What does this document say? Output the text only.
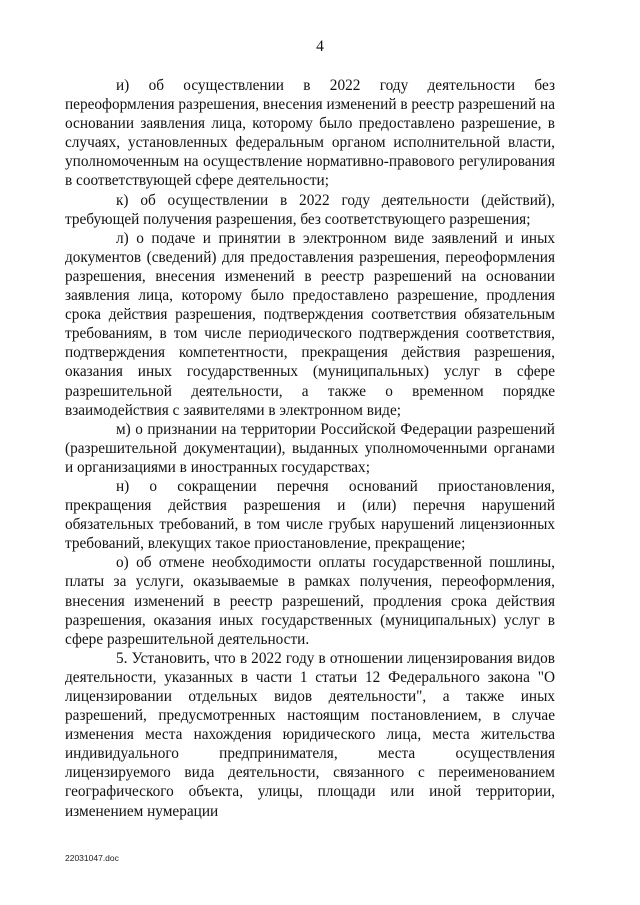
4

и) об осуществлении в 2022 году деятельности без переоформления разрешения, внесения изменений в реестр разрешений на основании заявления лица, которому было предоставлено разрешение, в случаях, установленных федеральным органом исполнительной власти, уполномоченным на осуществление нормативно-правового регулирования в соответствующей сфере деятельности;

к) об осуществлении в 2022 году деятельности (действий), требующей получения разрешения, без соответствующего разрешения;

л) о подаче и принятии в электронном виде заявлений и иных документов (сведений) для предоставления разрешения, переоформления разрешения, внесения изменений в реестр разрешений на основании заявления лица, которому было предоставлено разрешение, продления срока действия разрешения, подтверждения соответствия обязательным требованиям, в том числе периодического подтверждения соответствия, подтверждения компетентности, прекращения действия разрешения, оказания иных государственных (муниципальных) услуг в сфере разрешительной деятельности, а также о временном порядке взаимодействия с заявителями в электронном виде;

м) о признании на территории Российской Федерации разрешений (разрешительной документации), выданных уполномоченными органами и организациями в иностранных государствах;

н) о сокращении перечня оснований приостановления, прекращения действия разрешения и (или) перечня нарушений обязательных требований, в том числе грубых нарушений лицензионных требований, влекущих такое приостановление, прекращение;

о) об отмене необходимости оплаты государственной пошлины, платы за услуги, оказываемые в рамках получения, переоформления, внесения изменений в реестр разрешений, продления срока действия разрешения, оказания иных государственных (муниципальных) услуг в сфере разрешительной деятельности.

5. Установить, что в 2022 году в отношении лицензирования видов деятельности, указанных в части 1 статьи 12 Федерального закона "О лицензировании отдельных видов деятельности", а также иных разрешений, предусмотренных настоящим постановлением, в случае изменения места нахождения юридического лица, места жительства индивидуального предпринимателя, места осуществления лицензируемого вида деятельности, связанного с переименованием географического объекта, улицы, площади или иной территории, изменением нумерации

22031047.doc
